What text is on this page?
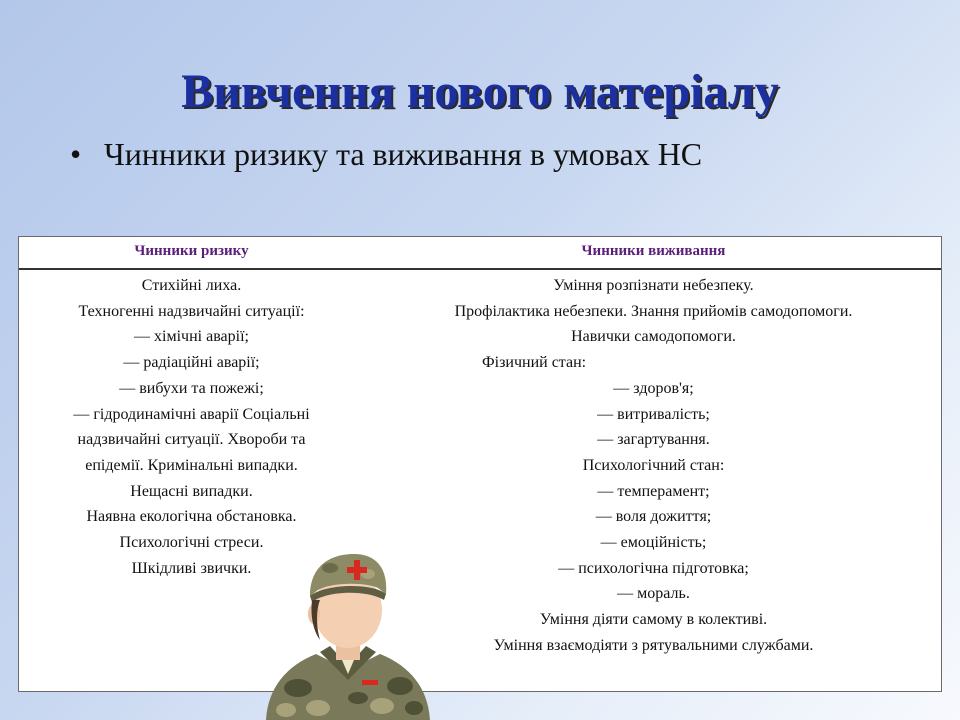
Вивчення нового матеріалу
• Чинники ризику та виживання в умовах НС
Чинники ризику	Чинники виживання
Стихійні лиха.
Техногенні надзвичайні ситуації:
— хімічні аварії;
— радіаційні аварії;
— вибухи та пожежі;
— гідродинамічні аварії Соціальні
надзвичайні ситуації. Хвороби та
епідемії. Кримінальні випадки.
Нещасні випадки.
Наявна екологічна обстановка.
Психологічні стреси.
Шкідливі звички.
Уміння розпізнати небезпеку.
Профілактика небезпеки. Знання прийомів самодопомоги.
Навички самодопомоги.
Фізичний стан:
— здоров'я;
— витривалість;
— загартування.
Психологічний стан:
— темперамент;
— воля дожиття;
— емоційність;
— психологічна підготовка;
— мораль.
Уміння діяти самому в колективі.
Уміння взаємодіяти з рятувальними службами.
